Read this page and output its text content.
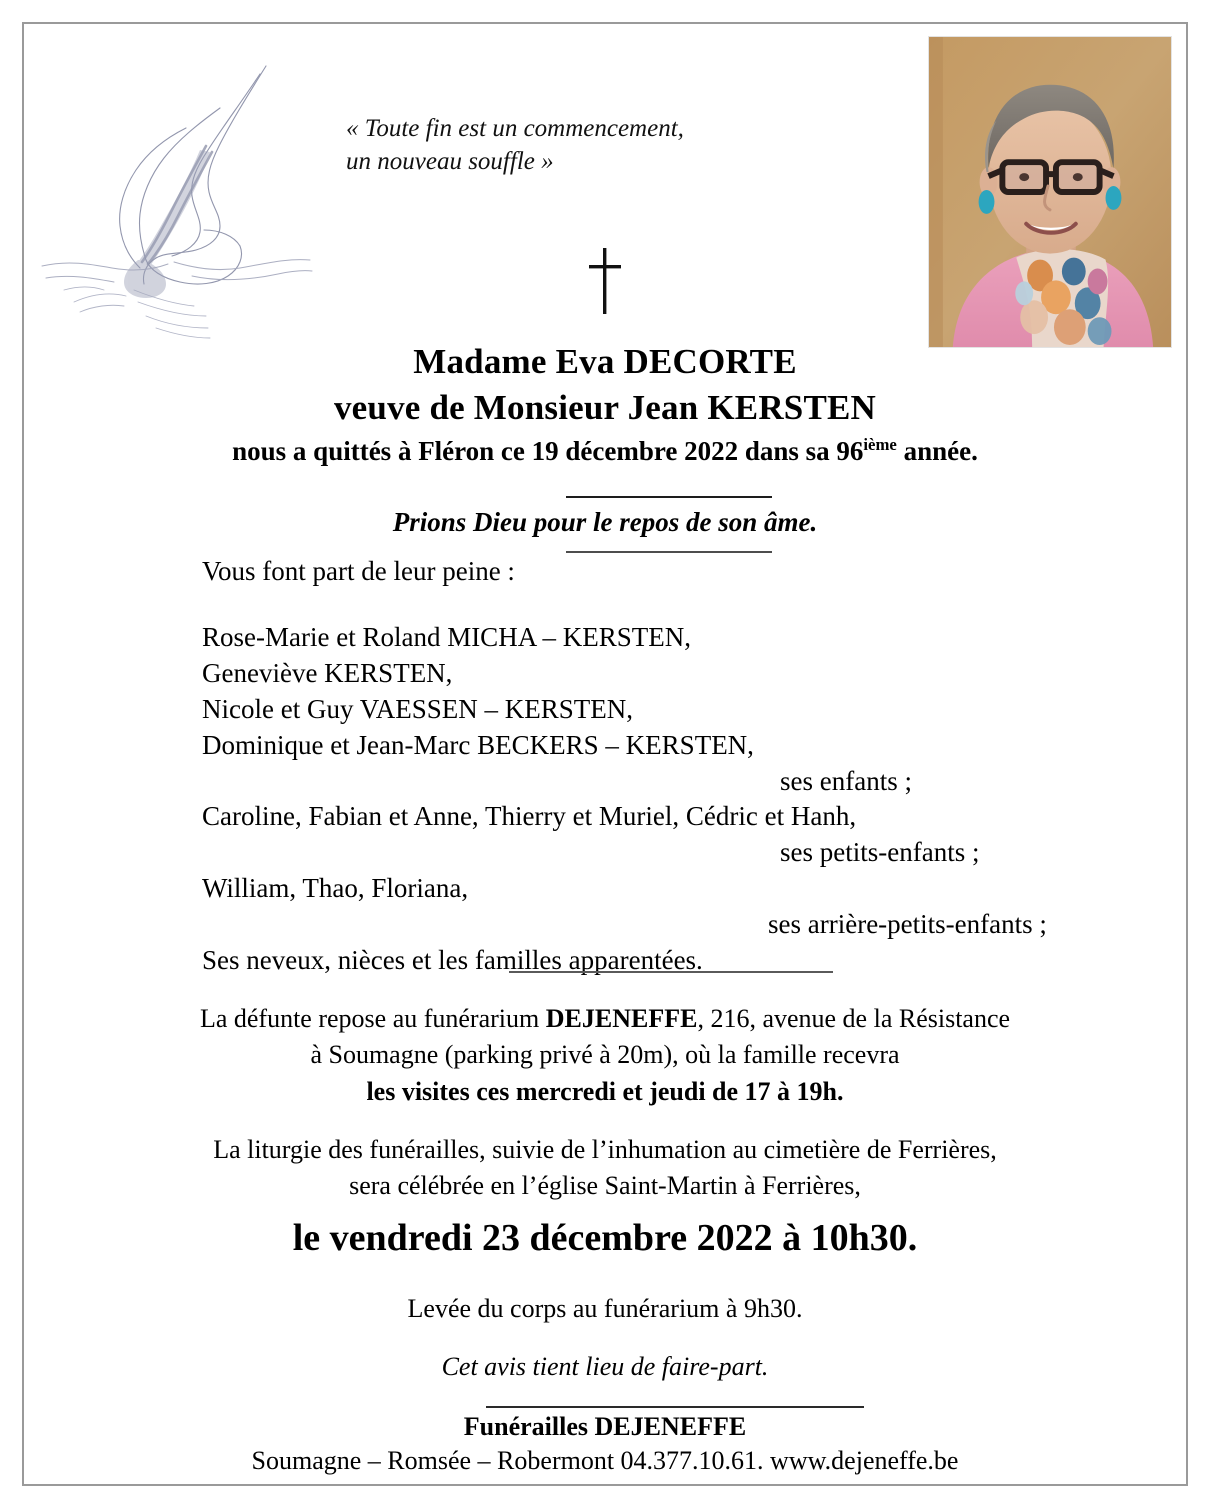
« Toute fin est un commencement,
un nouveau souffle »
Madame Eva DECORTE
veuve de Monsieur Jean KERSTEN
nous a quittés à Fléron ce 19 décembre 2022 dans sa 96ième année.
Prions Dieu pour le repos de son âme.
Vous font part de leur peine :
Rose-Marie et Roland MICHA – KERSTEN,
Geneviève KERSTEN,
Nicole et Guy VAESSEN – KERSTEN,
Dominique et Jean-Marc BECKERS – KERSTEN,
ses enfants ;
Caroline, Fabian et Anne, Thierry et Muriel, Cédric et Hanh,
ses petits-enfants ;
William, Thao, Floriana,
ses arrière-petits-enfants ;
Ses neveux, nièces et les familles apparentées.
La défunte repose au funérarium DEJENEFFE, 216, avenue de la Résistance
à Soumagne (parking privé à 20m), où la famille recevra
les visites ces mercredi et jeudi de 17 à 19h.
La liturgie des funérailles, suivie de l’inhumation au cimetière de Ferrières,
sera célébrée en l’église Saint-Martin à Ferrières,
le vendredi 23 décembre 2022 à 10h30.
Levée du corps au funérarium à 9h30.
Cet avis tient lieu de faire-part.
Funérailles DEJENEFFE
Soumagne – Romsée – Robermont 04.377.10.61. www.dejeneffe.be
